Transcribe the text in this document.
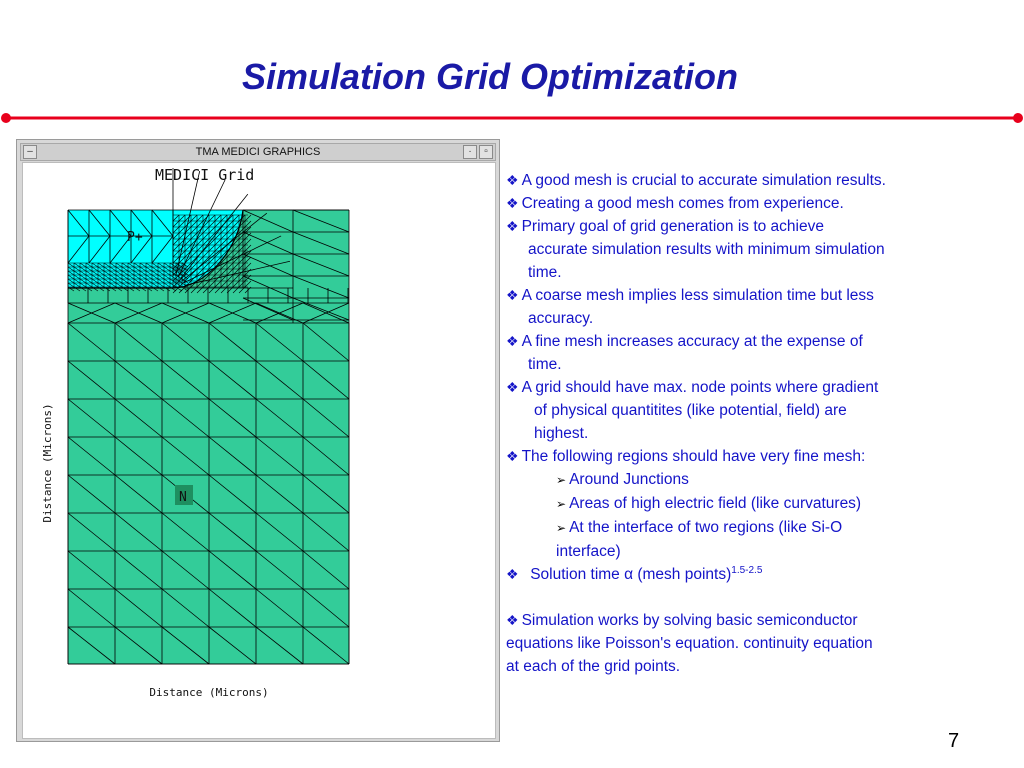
Simulation Grid Optimization
–	TMA MEDICI GRAPHICS	·	▫
MEDICI Grid
P+
N
Distance (Microns)
Distance (Microns)
❖ A good mesh is crucial to accurate simulation results.
❖ Creating a good mesh comes from experience.
❖ Primary goal of grid generation is to achieve
accurate simulation results with minimum simulation
time.
❖ A coarse mesh implies less simulation time but less
accuracy.
❖ A fine mesh increases accuracy at the expense of
time.
❖ A grid should have max. node points where gradient
of physical quantitites (like potential, field) are
highest.
❖ The following regions should have very fine mesh:
➢ Around Junctions
➢ Areas of high electric field (like curvatures)
➢ At the interface of two regions (like Si-O
interface)
❖ Solution time α (mesh points)$^{1.5-2.5}$
❖ Simulation works by solving basic semiconductor
equations like Poisson's equation. continuity equation
at each of the grid points.
7
